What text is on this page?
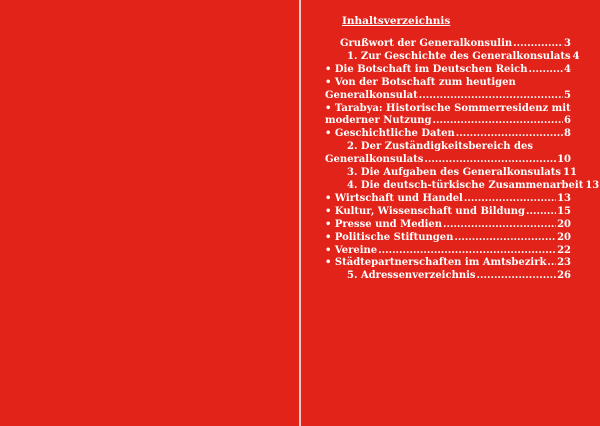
Inhaltsverzeichnis
Grußwort der Generalkonsulin .....	3
1. Zur Geschichte des Generalkonsulats 4
• Die Botschaft im Deutschen Reich .....	4
• Von der Botschaft zum heutigen
Generalkonsulat .....	5
• Tarabya: Historische Sommerresidenz mit
moderner Nutzung .....	6
• Geschichtliche Daten .....	8
2. Der Zuständigkeitsbereich des
Generalkonsulats .....	10
3. Die Aufgaben des Generalkonsulats 11
4. Die deutsch-türkische Zusammenarbeit 13
• Wirtschaft und Handel .....	13
• Kultur, Wissenschaft und Bildung .....	15
• Presse und Medien .....	20
• Politische Stiftungen .....	20
• Vereine .....	22
• Städtepartnerschaften im Amtsbezirk ..... 23
5. Adressenverzeichnis .....	26
